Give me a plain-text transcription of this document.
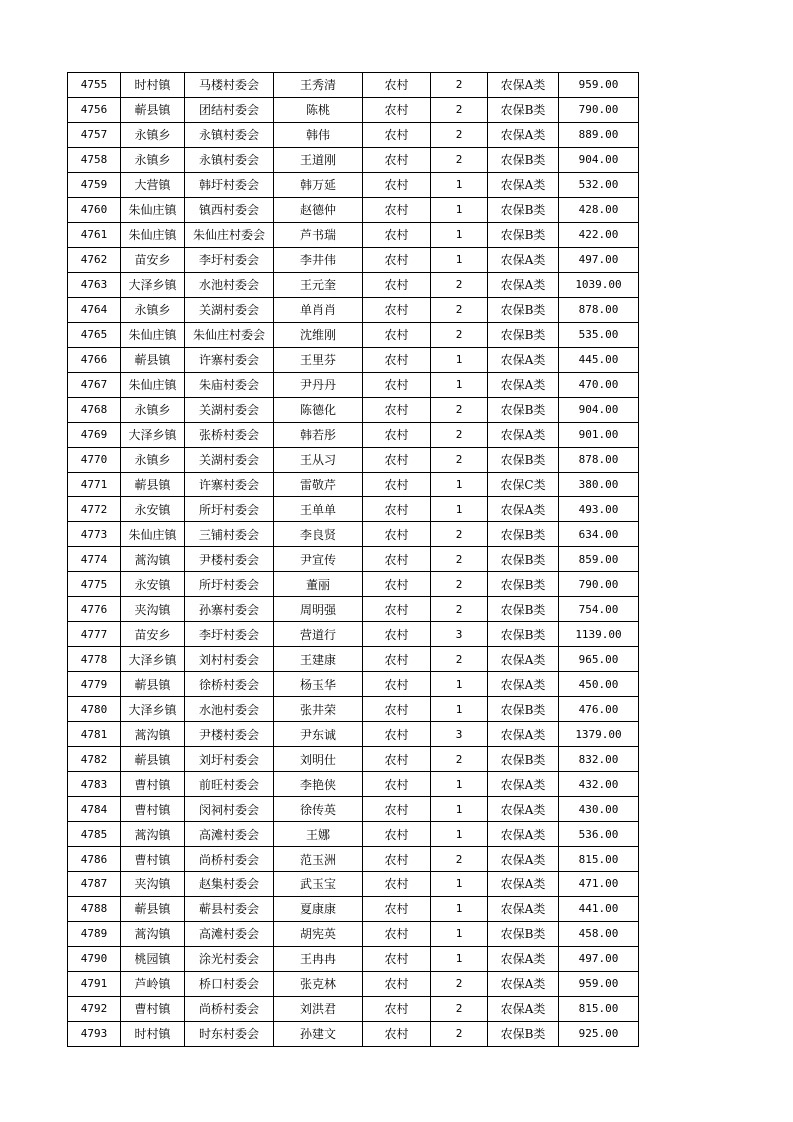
4755	时村镇	马楼村委会	王秀清	农村	2	农保A类	959.00
4756	蕲县镇	团结村委会	陈桃	农村	2	农保B类	790.00
4757	永镇乡	永镇村委会	韩伟	农村	2	农保A类	889.00
4758	永镇乡	永镇村委会	王道刚	农村	2	农保B类	904.00
4759	大营镇	韩圩村委会	韩万延	农村	1	农保A类	532.00
4760	朱仙庄镇	镇西村委会	赵德仲	农村	1	农保B类	428.00
4761	朱仙庄镇	朱仙庄村委会	芦书瑞	农村	1	农保B类	422.00
4762	苗安乡	李圩村委会	李井伟	农村	1	农保A类	497.00
4763	大泽乡镇	水池村委会	王元奎	农村	2	农保A类	1039.00
4764	永镇乡	关湖村委会	单肖肖	农村	2	农保B类	878.00
4765	朱仙庄镇	朱仙庄村委会	沈维刚	农村	2	农保B类	535.00
4766	蕲县镇	许寨村委会	王里芬	农村	1	农保A类	445.00
4767	朱仙庄镇	朱庙村委会	尹丹丹	农村	1	农保A类	470.00
4768	永镇乡	关湖村委会	陈德化	农村	2	农保B类	904.00
4769	大泽乡镇	张桥村委会	韩若彤	农村	2	农保A类	901.00
4770	永镇乡	关湖村委会	王从习	农村	2	农保B类	878.00
4771	蕲县镇	许寨村委会	雷敬芹	农村	1	农保C类	380.00
4772	永安镇	所圩村委会	王单单	农村	1	农保A类	493.00
4773	朱仙庄镇	三铺村委会	李良贤	农村	2	农保B类	634.00
4774	蒿沟镇	尹楼村委会	尹宣传	农村	2	农保B类	859.00
4775	永安镇	所圩村委会	董丽	农村	2	农保B类	790.00
4776	夹沟镇	孙寨村委会	周明强	农村	2	农保B类	754.00
4777	苗安乡	李圩村委会	营道行	农村	3	农保B类	1139.00
4778	大泽乡镇	刘村村委会	王建康	农村	2	农保A类	965.00
4779	蕲县镇	徐桥村委会	杨玉华	农村	1	农保A类	450.00
4780	大泽乡镇	水池村委会	张井荣	农村	1	农保B类	476.00
4781	蒿沟镇	尹楼村委会	尹东诚	农村	3	农保A类	1379.00
4782	蕲县镇	刘圩村委会	刘明仕	农村	2	农保B类	832.00
4783	曹村镇	前旺村委会	李艳侠	农村	1	农保A类	432.00
4784	曹村镇	闵祠村委会	徐传英	农村	1	农保A类	430.00
4785	蒿沟镇	高滩村委会	王娜	农村	1	农保A类	536.00
4786	曹村镇	尚桥村委会	范玉洲	农村	2	农保A类	815.00
4787	夹沟镇	赵集村委会	武玉宝	农村	1	农保A类	471.00
4788	蕲县镇	蕲县村委会	夏康康	农村	1	农保A类	441.00
4789	蒿沟镇	高滩村委会	胡宪英	农村	1	农保B类	458.00
4790	桃园镇	涂光村委会	王冉冉	农村	1	农保A类	497.00
4791	芦岭镇	桥口村委会	张克林	农村	2	农保A类	959.00
4792	曹村镇	尚桥村委会	刘洪君	农村	2	农保A类	815.00
4793	时村镇	时东村委会	孙建文	农村	2	农保B类	925.00
